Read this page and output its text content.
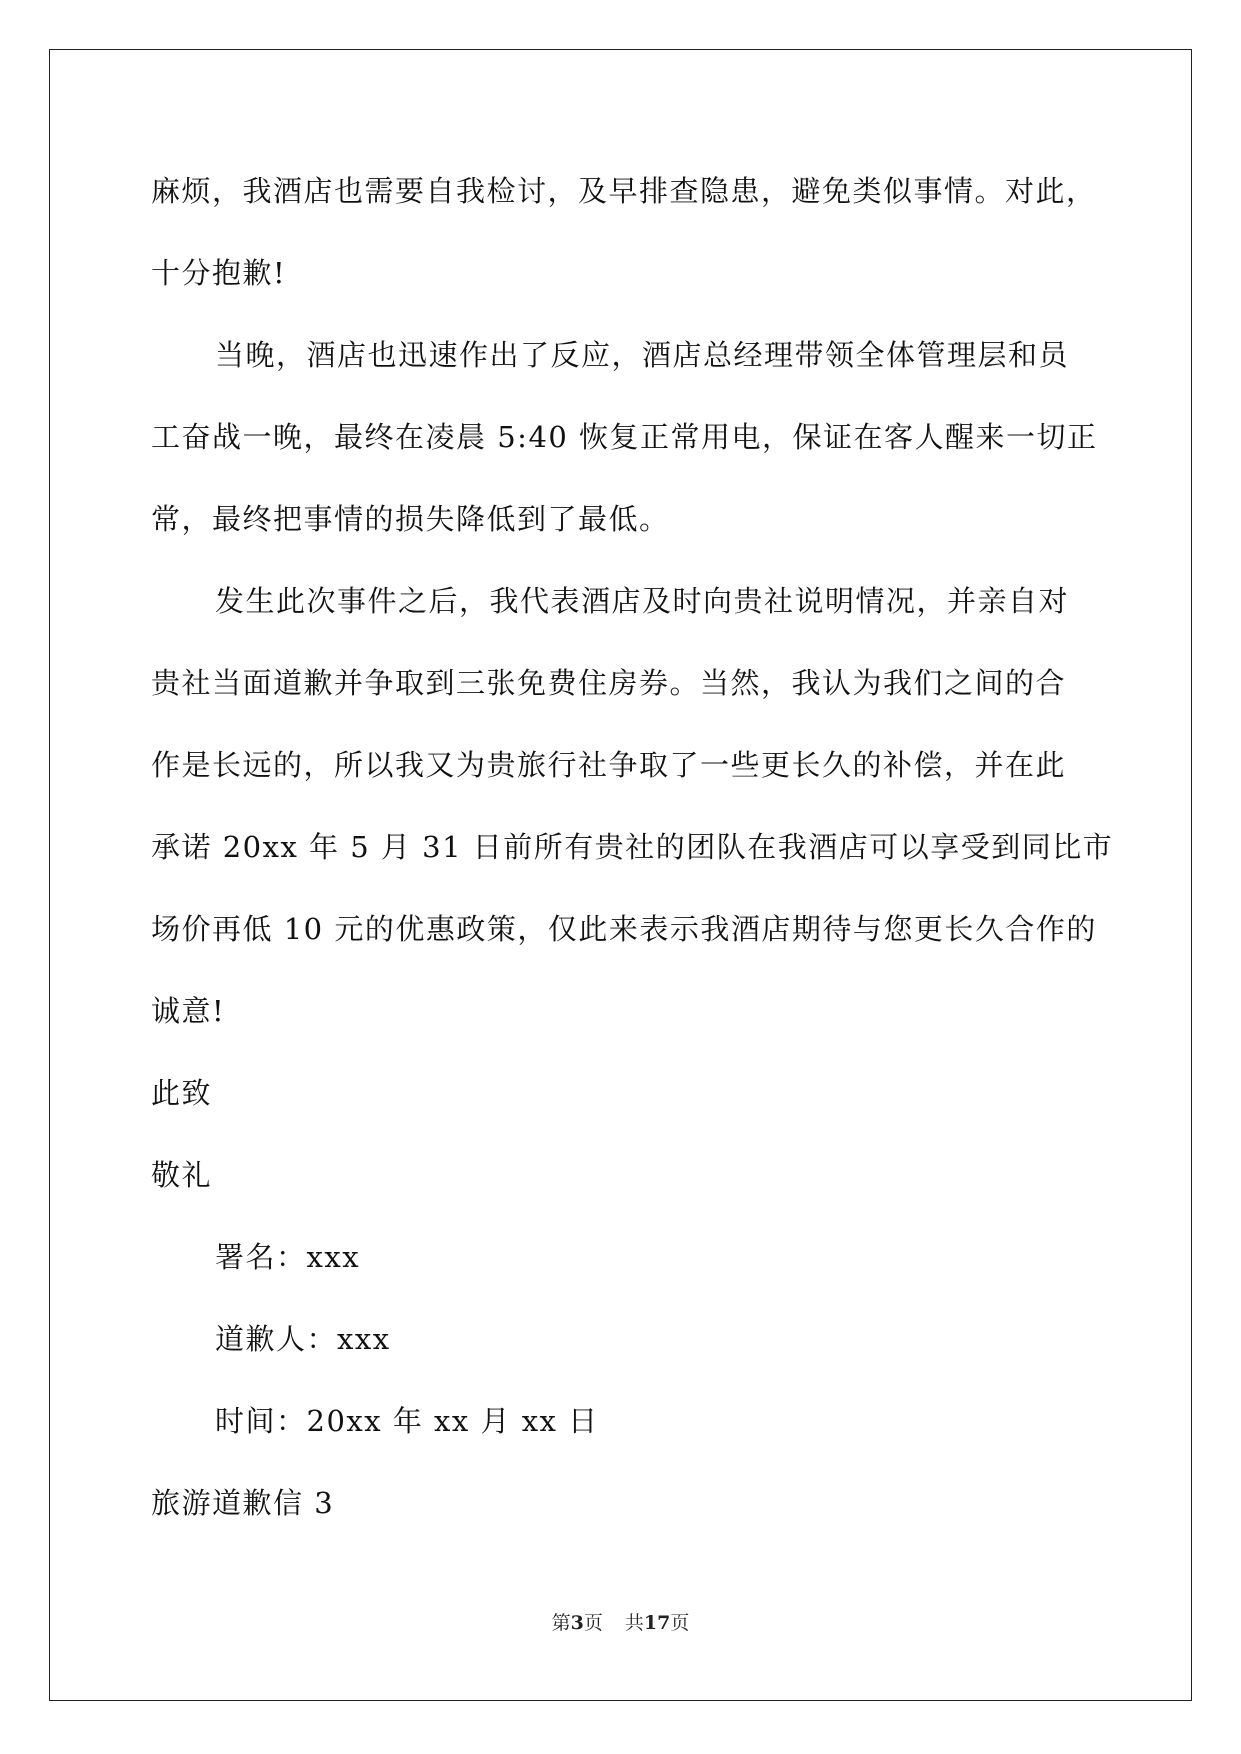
麻烦，我酒店也需要自我检讨，及早排查隐患，避免类似事情。对此，
十分抱歉!
当晚，酒店也迅速作出了反应，酒店总经理带领全体管理层和员
工奋战一晚，最终在凌晨 5:40 恢复正常用电，保证在客人醒来一切正
常，最终把事情的损失降低到了最低。
发生此次事件之后，我代表酒店及时向贵社说明情况，并亲自对
贵社当面道歉并争取到三张免费住房券。当然，我认为我们之间的合
作是长远的，所以我又为贵旅行社争取了一些更长久的补偿，并在此
承诺 20xx 年 5 月 31 日前所有贵社的团队在我酒店可以享受到同比市
场价再低 10 元的优惠政策，仅此来表示我酒店期待与您更长久合作的
诚意!
此致
敬礼
署名：xxx
道歉人：xxx
时间：20xx 年 xx 月 xx 日
旅游道歉信 3
第3页 共17页
